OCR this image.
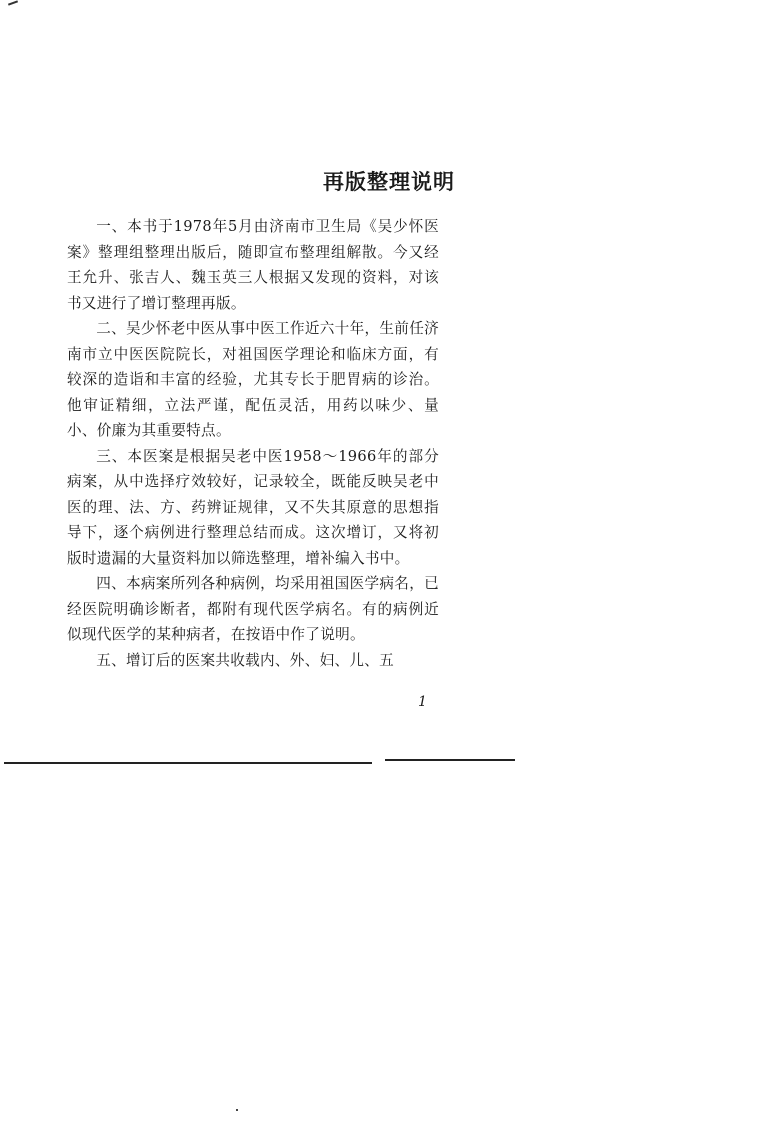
再版整理说明

一、本书于1978年5月由济南市卫生局《吴少怀医案》整理组整理出版后，随即宣布整理组解散。今又经王允升、张吉人、魏玉英三人根据又发现的资料，对该书又进行了增订整理再版。

二、吴少怀老中医从事中医工作近六十年，生前任济南市立中医医院院长，对祖国医学理论和临床方面，有较深的造诣和丰富的经验，尤其专长于肥胃病的诊治。他审证精细，立法严谨，配伍灵活，用药以味少、量小、价廉为其重要特点。

三、本医案是根据吴老中医1958～1966年的部分病案，从中选择疗效较好，记录较全，既能反映吴老中医的理、法、方、药辨证规律，又不失其原意的思想指导下，逐个病例进行整理总结而成。这次增订，又将初版时遗漏的大量资料加以筛选整理，增补编入书中。

四、本病案所列各种病例，均采用祖国医学病名，已经医院明确诊断者，都附有现代医学病名。有的病例近似现代医学的某种病者，在按语中作了说明。

五、增订后的医案共收载内、外、妇、儿、五

1
